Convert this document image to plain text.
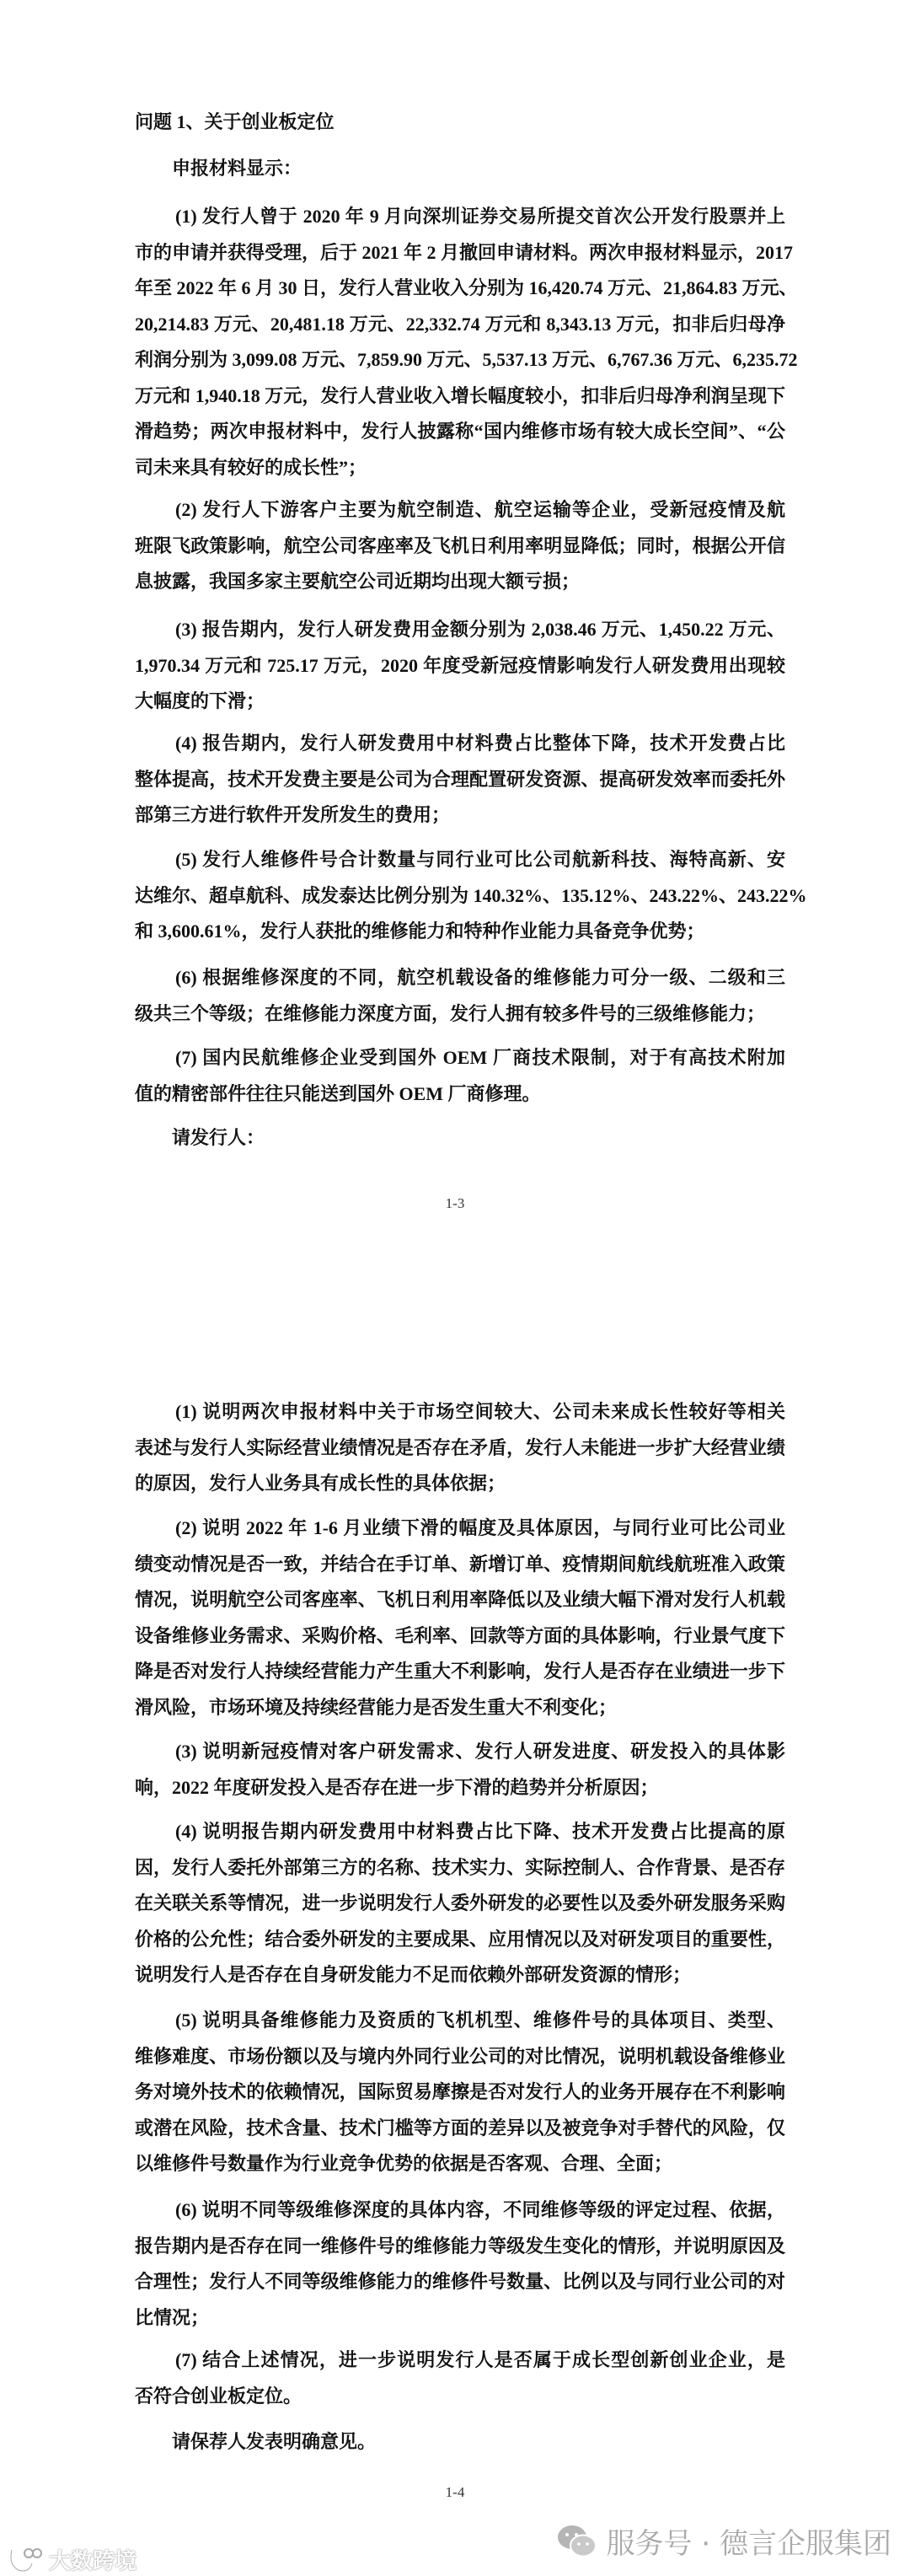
问题 1、关于创业板定位
申报材料显示：
请发行人：
1-3
请保荐人发表明确意见。
1-4
(1) 发行人曾于 2020 年 9 月向深圳证券交易所提交首次公开发行股票并上
市的申请并获得受理，后于 2021 年 2 月撤回申请材料。两次申报材料显示，2017
年至 2022 年 6 月 30 日，发行人营业收入分别为 16,420.74 万元、21,864.83 万元、
20,214.83 万元、20,481.18 万元、22,332.74 万元和 8,343.13 万元，扣非后归母净
利润分别为 3,099.08 万元、7,859.90 万元、5,537.13 万元、6,767.36 万元、6,235.72
万元和 1,940.18 万元，发行人营业收入增长幅度较小，扣非后归母净利润呈现下
滑趋势；两次申报材料中，发行人披露称“国内维修市场有较大成长空间”、“公
司未来具有较好的成长性”；
(2) 发行人下游客户主要为航空制造、航空运输等企业，受新冠疫情及航
班限飞政策影响，航空公司客座率及飞机日利用率明显降低；同时，根据公开信
息披露，我国多家主要航空公司近期均出现大额亏损；
(3) 报告期内，发行人研发费用金额分别为 2,038.46 万元、1,450.22 万元、
1,970.34 万元和 725.17 万元，2020 年度受新冠疫情影响发行人研发费用出现较
大幅度的下滑；
(4) 报告期内，发行人研发费用中材料费占比整体下降，技术开发费占比
整体提高，技术开发费主要是公司为合理配置研发资源、提高研发效率而委托外
部第三方进行软件开发所发生的费用；
(5) 发行人维修件号合计数量与同行业可比公司航新科技、海特高新、安
达维尔、超卓航科、成发泰达比例分别为 140.32%、135.12%、243.22%、243.22%
和 3,600.61%，发行人获批的维修能力和特种作业能力具备竞争优势；
(6) 根据维修深度的不同，航空机载设备的维修能力可分一级、二级和三
级共三个等级；在维修能力深度方面，发行人拥有较多件号的三级维修能力；
(7) 国内民航维修企业受到国外 OEM 厂商技术限制，对于有高技术附加
值的精密部件往往只能送到国外 OEM 厂商修理。
(1) 说明两次申报材料中关于市场空间较大、公司未来成长性较好等相关
表述与发行人实际经营业绩情况是否存在矛盾，发行人未能进一步扩大经营业绩
的原因，发行人业务具有成长性的具体依据；
(2) 说明 2022 年 1-6 月业绩下滑的幅度及具体原因，与同行业可比公司业
绩变动情况是否一致，并结合在手订单、新增订单、疫情期间航线航班准入政策
情况，说明航空公司客座率、飞机日利用率降低以及业绩大幅下滑对发行人机载
设备维修业务需求、采购价格、毛利率、回款等方面的具体影响，行业景气度下
降是否对发行人持续经营能力产生重大不利影响，发行人是否存在业绩进一步下
滑风险，市场环境及持续经营能力是否发生重大不利变化；
(3) 说明新冠疫情对客户研发需求、发行人研发进度、研发投入的具体影
响，2022 年度研发投入是否存在进一步下滑的趋势并分析原因；
(4) 说明报告期内研发费用中材料费占比下降、技术开发费占比提高的原
因，发行人委托外部第三方的名称、技术实力、实际控制人、合作背景、是否存
在关联关系等情况，进一步说明发行人委外研发的必要性以及委外研发服务采购
价格的公允性；结合委外研发的主要成果、应用情况以及对研发项目的重要性，
说明发行人是否存在自身研发能力不足而依赖外部研发资源的情形；
(5) 说明具备维修能力及资质的飞机机型、维修件号的具体项目、类型、
维修难度、市场份额以及与境内外同行业公司的对比情况，说明机载设备维修业
务对境外技术的依赖情况，国际贸易摩擦是否对发行人的业务开展存在不利影响
或潜在风险，技术含量、技术门槛等方面的差异以及被竞争对手替代的风险，仅
以维修件号数量作为行业竞争优势的依据是否客观、合理、全面；
(6) 说明不同等级维修深度的具体内容，不同维修等级的评定过程、依据，
报告期内是否存在同一维修件号的维修能力等级发生变化的情形，并说明原因及
合理性；发行人不同等级维修能力的维修件号数量、比例以及与同行业公司的对
比情况；
(7) 结合上述情况，进一步说明发行人是否属于成长型创新创业企业，是
否符合创业板定位。
服务号 · 德言企服集团
大数跨境
